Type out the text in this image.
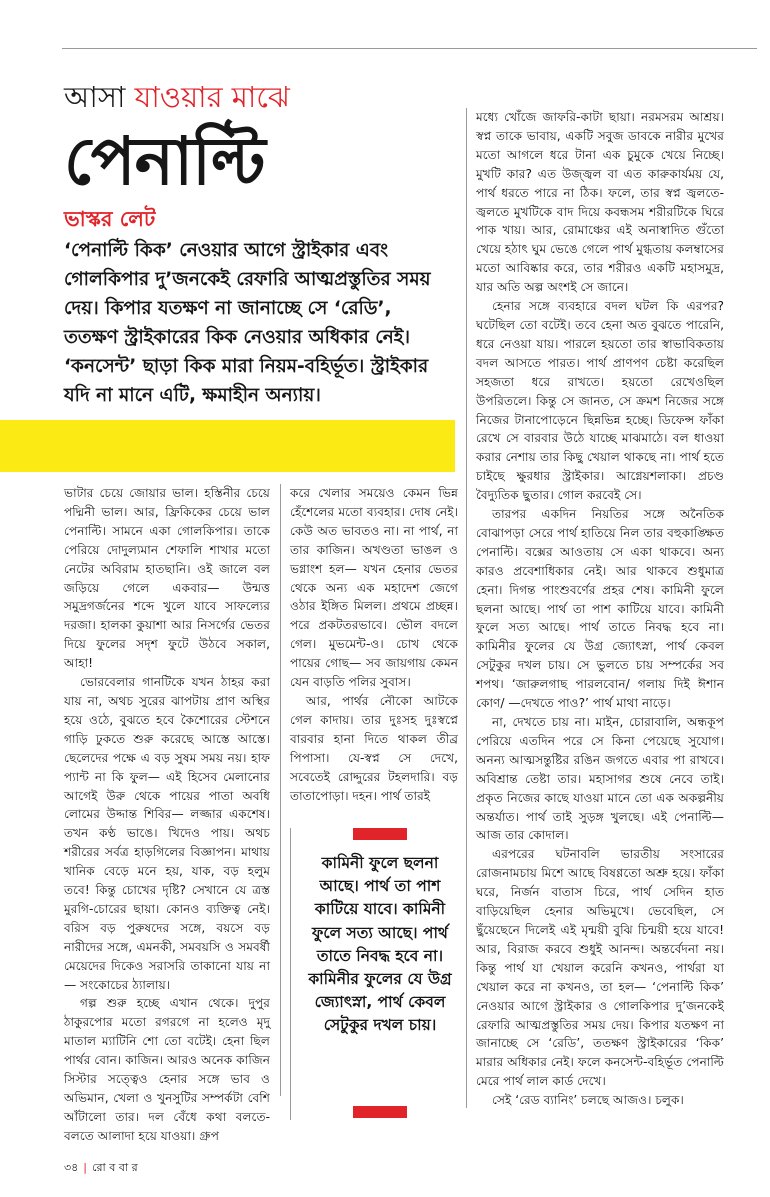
আসা যাওয়ার মাঝে
পেনাল্টি
ভাস্কর লেট
‘পেনাল্টি কিক’ নেওয়ার আগে স্ট্রাইকার এবং গোলকিপার দু’জনকেই রেফারি আত্মপ্রস্তুতির সময় দেয়। কিপার যতক্ষণ না জানাচ্ছে সে ‘রেডি’, ততক্ষণ স্ট্রাইকারের কিক নেওয়ার অধিকার নেই। ‘কনসেন্ট’ ছাড়া কিক মারা নিয়ম-বহির্ভূত। স্ট্রাইকার যদি না মানে এটি, ক্ষমাহীন অন্যায়।

ভাটার চেয়ে জোয়ার ভাল। হস্তিনীর চেয়ে পদ্মিনী ভাল। আর, ফ্রিকিকের চেয়ে ভাল পেনাল্টি। সামনে একা গোলকিপার। তাকে পেরিয়ে দোদুল্যমান শেফালি শাখার মতো নেটের অবিরাম হাতছানি। ওই জালে বল জড়িয়ে গেলে একবার— উন্মত্ত সমুদ্রগর্জনের শব্দে খুলে যাবে সাফল্যের দরজা। হালকা কুয়াশা আর নিসর্গের ভেতর দিয়ে ফুলের সদৃশ ফুটে উঠবে সকাল, আহা!

ভোরবেলার গানটিকে যখন ঠাহর করা যায় না, অথচ সুরের ঝাপটায় প্রাণ অস্থির হয়ে ওঠে, বুঝতে হবে কৈশোরের স্টেশনে গাড়ি ঢুকতে শুরু করেছে আস্তে আস্তে। ছেলেদের পক্ষে এ বড় সুষম সময় নয়। হাফ প্যান্ট না কি ফুল— এই হিসেব মেলানোর আগেই উরু থেকে পায়ের পাতা অবধি লোমের উদ্দাম্ত শিবির— লজ্জার একশেষ। তখন কণ্ঠ ভাঙে। খিদেও পায়। অথচ শরীরের সর্বত্র হাড়গিলের বিজ্ঞাপন। মাথায় খানিক বেড়ে মনে হয়, যাক, বড় হলুম তবে! কিন্তু চোখের দৃষ্টি? সেখানে যে ত্রস্ত মুরগি-চোরের ছায়া। কোনও ব্যক্তিত্ব নেই। বরিস বড় পুরুষদের সঙ্গে, বয়সে বড় নারীদের সঙ্গে, এমনকী, সমবয়সি ও সমবর্ষী মেয়েদের দিকেও সরাসরি তাকানো যায় না— সংকোচের ঠ্যালায়।

গল্প শুরু হচ্ছে এখান থেকে। দুপুর ঠাকুরপোর মতো রগরগে না হলেও মৃদু মাতাল ম্যাটিনি শো তো বটেই। হেনা ছিল পার্থর বোন। কাজিন। আরও অনেক কাজিন সিস্টার সত্ত্বেও হেনার সঙ্গে ভাব ও অভিমান, খেলা ও খুনসুটির সম্পর্কটা বেশি আঁটালো তার। দল বেঁধে কথা বলতে-বলতে আলাদা হয়ে যাওয়া। গ্রুপ

করে খেলার সময়েও কেমন ভিন্ন হেঁশেলের মতো ব্যবহার। দোষ নেই। কেউ অত ভাবতও না। না পার্থ, না তার কাজিন। অখণ্ডতা ভাঙল ও ভগ্নাংশ হল— যখন হেনার ভেতর থেকে অন্য এক মহাদেশ জেগে ওঠার ইঙ্গিত মিলল। প্রথমে প্রচ্ছন্ন। পরে প্রকটতরভাবে। ভৌল বদলে গেল। মুভমেন্ট-ও। চোখ থেকে পায়ের গোছ— সব জায়গায় কেমন যেন বাড়তি পলির সুবাস।

আর, পার্থর নৌকো আটকে গেল কাদায়। তার দুঃসহ দুঃস্বপ্নে বারবার হানা দিতে থাকল তীব্র পিপাসা। যে-স্বপ্ন সে দেখে, সবেতেই রোদ্দুরের টহলদারি। বড় তাতাপোড়া। দহন। পার্থ তারই

কামিনী ফুলে ছলনা আছে। পার্থ তা পাশ কাটিয়ে যাবে। কামিনী ফুলে সত্য আছে। পার্থ তাতে নিবদ্ধ হবে না। কামিনীর ফুলের যে উগ্র জ্যোৎস্না, পার্থ কেবল সেটুকুর দখল চায়।

মধ্যে খোঁজে জাফরি-কাটা ছায়া। নরমসরম আশ্রয়। স্বপ্ন তাকে ভাবায়, একটি সবুজ ডাবকে নারীর মুখের মতো আগলে ধরে টানা এক চুমুকে খেয়ে নিচ্ছে। মুখটি কার? এত উজ্জ্বল বা এত কারুকার্যময় যে, পার্থ ধরতে পারে না ঠিক। ফলে, তার স্বপ্ন জ্বলতে-জ্বলতে মুখটিকে বাদ দিয়ে কবন্ধসম শরীরটিকে ঘিরে পাক খায়। আর, রোমাঞ্চের এই অনাস্বাদিত গুঁতো খেয়ে হঠাৎ ঘুম ভেঙে গেলে পার্থ মুগ্ধতায় কলম্বাসের মতো আবিষ্কার করে, তার শরীরও একটি মহাসমুদ্র, যার অতি অল্প অংশই সে জানে।

হেনার সঙ্গে ব্যবহারে বদল ঘটল কি এরপর? ঘটেছিল তো বটেই। তবে হেনা অত বুঝতে পারেনি, ধরে নেওয়া যায়। পারলে হয়তো তার স্বাভাবিকতায় বদল আসতে পারত। পার্থ প্রাণপণ চেষ্টা করেছিল সহজতা ধরে রাখতে। হয়তো রেখেওছিল উপরিতলে। কিন্তু সে জানত, সে ক্রমশ নিজের সঙ্গে নিজের টানাপোড়েনে ছিন্নভিন্ন হচ্ছে। ডিফেন্স ফাঁকা রেখে সে বারবার উঠে যাচ্ছে মাঝমাঠে। বল ধাওয়া করার নেশায় তার কিছু খেয়াল থাকছে না। পার্থ হতে চাইছে ক্ষুরধার স্ট্রাইকার। আগ্নেয়শলাকা। প্রচণ্ড বৈদ্যুতিক ছুতার। গোল করবেই সে।

তারপর একদিন নিয়তির সঙ্গে অনৈতিক বোঝাপড়া সেরে পার্থ হাতিয়ে নিল তার বহুকাঙ্ক্ষিত পেনাল্টি। বক্সের আওতায় সে একা থাকবে। অন্য কারও প্রবেশাধিকার নেই। আর থাকবে শুধুমাত্র হেনা। দিগন্ত পাংশুবর্ণের প্রহর শেষ। কামিনী ফুলে ছলনা আছে। পার্থ তা পাশ কাটিয়ে যাবে। কামিনী ফুলে সত্য আছে। পার্থ তাতে নিবদ্ধ হবে না। কামিনীর ফুলের যে উগ্র জ্যোৎস্না, পার্থ কেবল সেটুকুর দখল চায়। সে ভুলতে চায় সম্পর্কের সব শপথ। ‘জারুলগাছ পারলবোন/ গলায় দিই ঈশান কোণ/ —দেখতে পাও?’ পার্থ মাথা নাড়ে।

না, দেখতে চায় না। মাইন, চোরাবালি, অন্ধকূপ পেরিয়ে এতদিন পরে সে কিনা পেয়েছে সুযোগ। অনন্য আত্মসন্তুষ্টির রঙিন জগতে এবার পা রাখবে। অবিশ্রান্ত তেষ্টা তার। মহাসাগর শুষে নেবে তাই। প্রকৃত নিজের কাছে যাওয়া মানে তো এক অকল্পনীয় অন্তর্যাত। পার্থ তাই সুড়ঙ্গ খুলছে। এই পেনাল্টি— আজ তার কোদাল।

এরপরের ঘটনাবলি ভারতীয় সংসারের রোজনামচায় মিশে আছে বিষণ্ণতো অশ্রু হয়ে। ফাঁকা ঘরে, নির্জন বাতাস চিরে, পার্থ সেদিন হাত বাড়িয়েছিল হেনার অভিমুখে। ভেবেছিল, সে ছুঁয়েছেনে দিলেই এই মৃন্ময়ী বুঝি চিন্ময়ী হয়ে যাবে! আর, বিরাজ করবে শুধুই আনন্দ। অন্তর্বেদনা নয়। কিন্তু পার্থ যা খেয়াল করেনি কখনও, পার্থরা যা খেয়াল করে না কখনও, তা হল— ‘পেনাল্টি কিক’ নেওয়ার আগে স্ট্রাইকার ও গোলকিপার দু’জনকেই রেফারি আত্মপ্রস্তুতির সময় দেয়। কিপার যতক্ষণ না জানাচ্ছে সে ‘রেডি’, ততক্ষণ স্ট্রাইকারের ‘কিক’ মারার অধিকার নেই। ফলে কনসেন্ট-বহির্ভূত পেনাল্টি মেরে পার্থ লাল কার্ড দেখে।

সেই ‘রেড ব্যানিং’ চলছে আজও। চলুক।

৩৪ | রো ব বা র
